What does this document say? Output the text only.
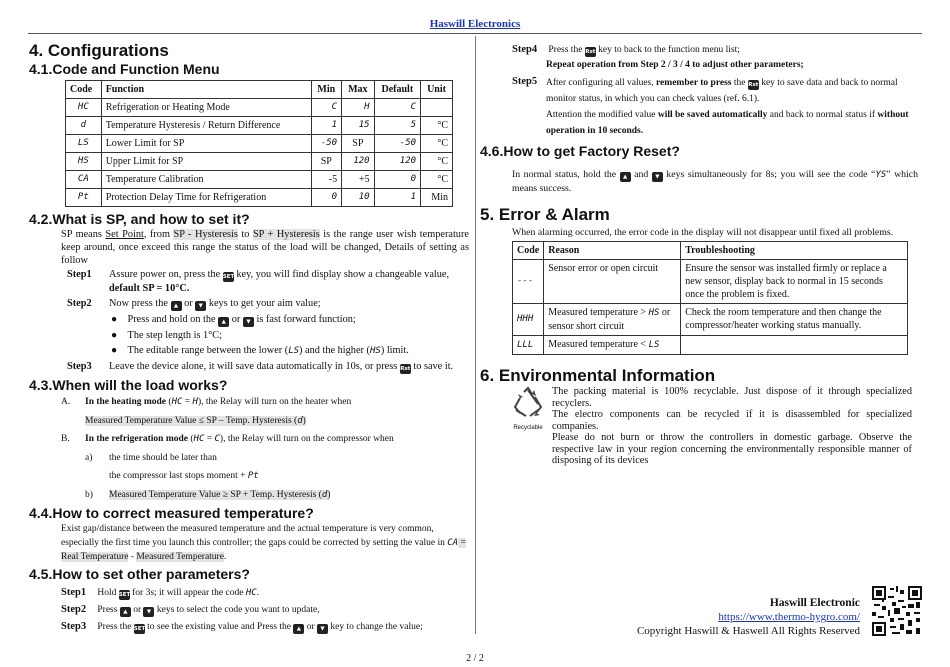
Haswill Electronics
4. Configurations
4.1.Code and Function Menu
Code	Function	Min	Max	Default	Unit
HC	Refrigeration or Heating Mode	C	H	C	
d	Temperature Hysteresis / Return Difference	1	15	5	°C
LS	Lower Limit for SP	-50	SP	-50	°C
HS	Upper Limit for SP	SP	120	120	°C
CA	Temperature Calibration	-5	+5	0	°C
Pt	Protection Delay Time for Refrigeration	0	10	1	Min
4.2.What is SP, and how to set it?
SP means Set Point, from SP - Hysteresis to SP + Hysteresis is the range user wish temperature keep around, once exceed this range the status of the load will be changed, Details of setting as follow
Step1	Assure power on, press the SET key, you will find display show a changeable value, default SP = 10°C.
Step2	Now press the ▲ or ▼ keys to get your aim value;
●    Press and hold on the ▲ or ▼ is fast forward function;
●    The step length is 1°C;
●    The editable range between the lower (LS) and the higher (HS) limit.
Step3	Leave the device alone, it will save data automatically in 10s, or press Rst to save it.
4.3.When will the load works?
A. In the heating mode (HC = H), the Relay will turn on the heater when
Measured Temperature Value ≤ SP – Temp. Hysteresis (d)
B. In the refrigeration mode (HC = C), the Relay will turn on the compressor when
a) the time should be later than
the compressor last stops moment + Pt
b) Measured Temperature Value ≥ SP + Temp. Hysteresis (d)
4.4.How to correct measured temperature?
Exist gap/distance between the measured temperature and the actual temperature is very common, especially the first time you launch this controller; the gaps could be corrected by setting the value in CA = Real Temperature - Measured Temperature.
4.5.How to set other parameters?
Step1 Hold SET for 3s; it will appear the code HC.
Step2 Press ▲ or ▼ keys to select the code you want to update,
Step3 Press the SET to see the existing value and Press the ▲ or ▼ key to change the value;
Step4 Press the Rst key to back to the function menu list;
Repeat operation from Step 2 / 3 / 4 to adjust other parameters;
Step5 After configuring all values, remember to press the Rst key to save data and back to normal monitor status, in which you can check values (ref. 6.1).
Attention the modified value will be saved automatically and back to normal status if without operation in 10 seconds.
4.6.How to get Factory Reset?
In normal status, hold the ▲ and ▼ keys simultaneously for 8s; you will see the code “YS” which means success.
5. Error & Alarm
When alarming occurred, the error code in the display will not disappear until fixed all problems.
Code	Reason	Troubleshooting
---	Sensor error or open circuit	Ensure the sensor was installed firmly or replace a new sensor, display back to normal in 15 seconds once the problem is fixed.
HHH	Measured temperature > HS or sensor short circuit	Check the room temperature and then change the compressor/heater working status manually.
LLL	Measured temperature < LS	
6. Environmental Information
Recyclable
The packing material is 100% recyclable. Just dispose of it through specialized recyclers.
The electro components can be recycled if it is disassembled for specialized companies.
Please do not burn or throw the controllers in domestic garbage. Observe the respective law in your region concerning the environmentally responsible manner of disposing of its devices
Haswill Electronic
https://www.thermo-hygro.com/
Copyright Haswill & Haswell All Rights Reserved
2 / 2
